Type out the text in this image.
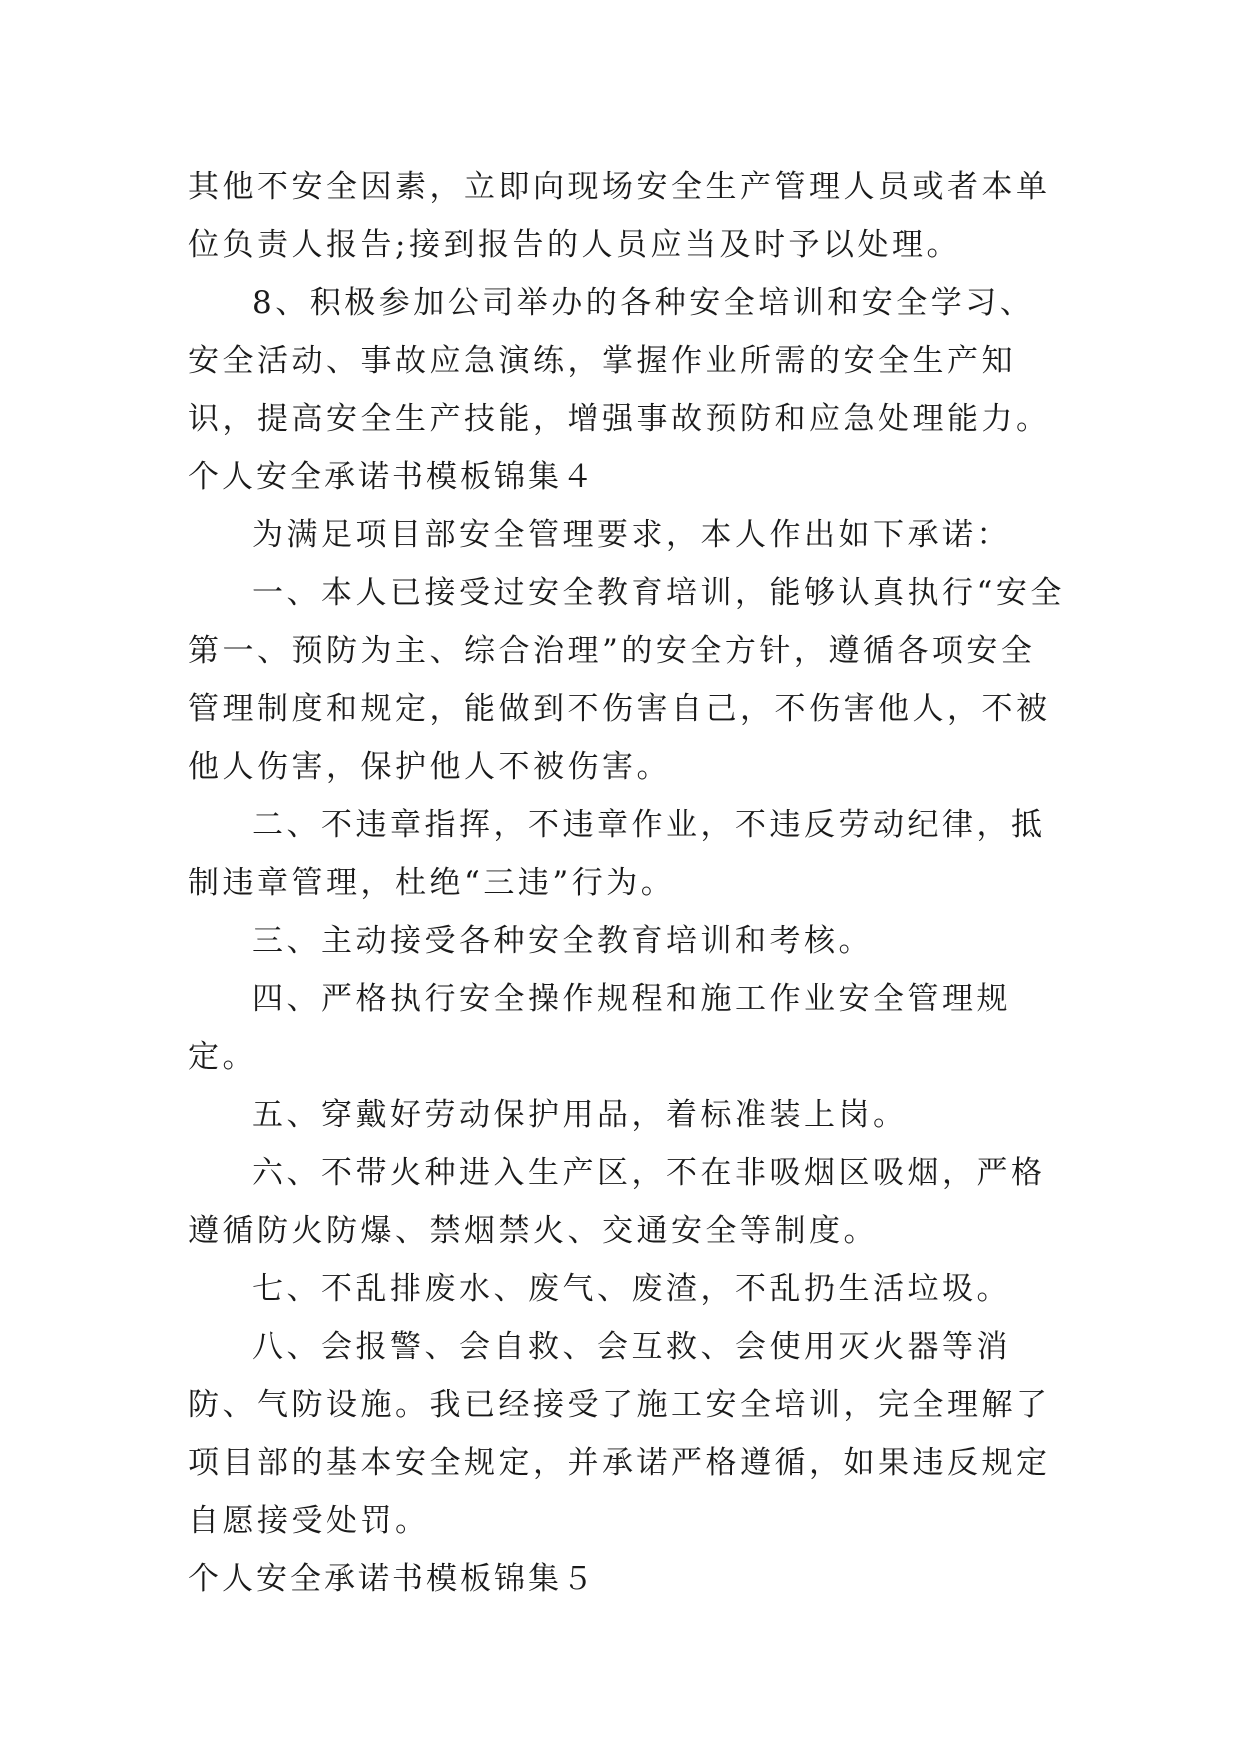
其他不安全因素，立即向现场安全生产管理人员或者本单位负责人报告;接到报告的人员应当及时予以处理。

8、积极参加公司举办的各种安全培训和安全学习、安全活动、事故应急演练，掌握作业所需的安全生产知识，提高安全生产技能，增强事故预防和应急处理能力。

个人安全承诺书模板锦集４

为满足项目部安全管理要求，本人作出如下承诺：

一、本人已接受过安全教育培训，能够认真执行“安全第一、预防为主、综合治理”的安全方针，遵循各项安全管理制度和规定，能做到不伤害自己，不伤害他人，不被他人伤害，保护他人不被伤害。

二、不违章指挥，不违章作业，不违反劳动纪律，抵制违章管理，杜绝“三违”行为。

三、主动接受各种安全教育培训和考核。

四、严格执行安全操作规程和施工作业安全管理规定。

五、穿戴好劳动保护用品，着标准装上岗。

六、不带火种进入生产区，不在非吸烟区吸烟，严格遵循防火防爆、禁烟禁火、交通安全等制度。

七、不乱排废水、废气、废渣，不乱扔生活垃圾。

八、会报警、会自救、会互救、会使用灭火器等消防、气防设施。我已经接受了施工安全培训，完全理解了项目部的基本安全规定，并承诺严格遵循，如果违反规定自愿接受处罚。

个人安全承诺书模板锦集５
